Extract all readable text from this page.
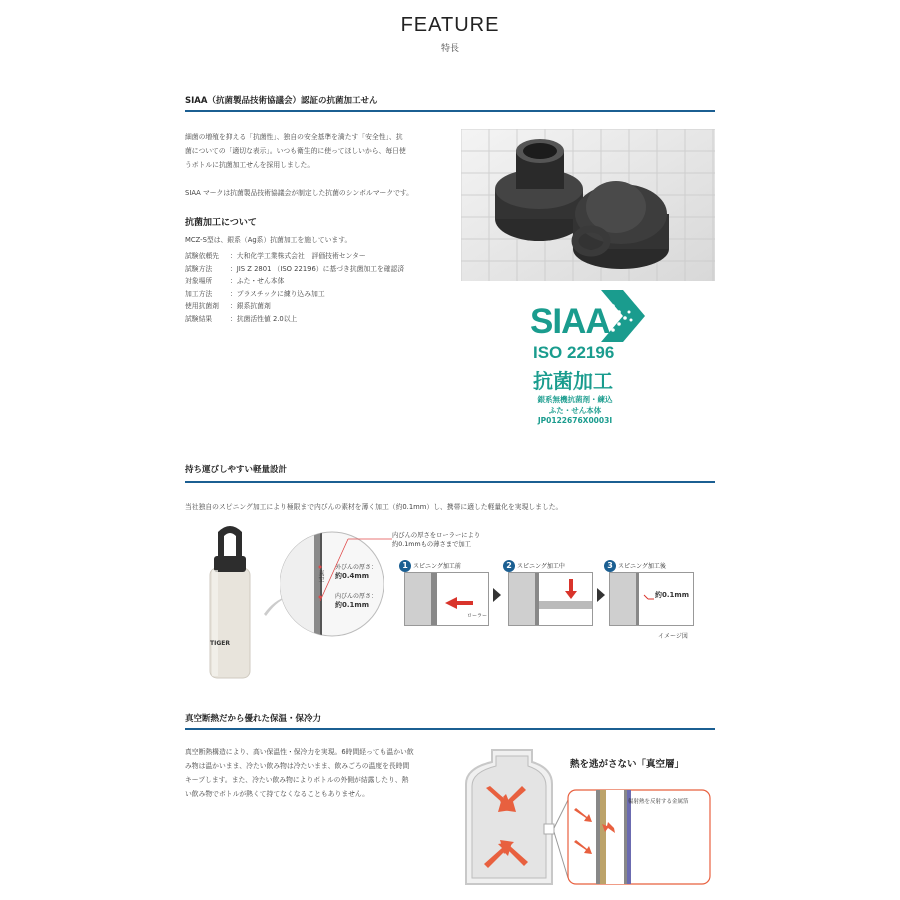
FEATURE
特長
SIAA（抗菌製品技術協議会）認証の抗菌加工せん
細菌の増殖を抑える「抗菌性」、独自の安全基準を満たす「安全性」、抗
菌についての「適切な表示」。いつも衛生的に使ってほしいから、毎日使
うボトルに抗菌加工せんを採用しました。
SIAA マークは抗菌製品技術協議会が制定した抗菌のシンボルマークです。
抗菌加工について
MCZ-S型は、銀系（Ag系）抗菌加工を施しています。
試験依頼先 ：大和化学工業株式会社　評価技術センター
試験方法	：JIS Z 2801 （ISO 22196）に基づき抗菌加工を確認済
対象場所	：ふた・せん本体
加工方法	：プラスチックに練り込み加工
使用抗菌剤 ：銀系抗菌剤
試験結果	：抗菌活性値 2.0以上	SIAA
ISO 22196
抗菌加工
銀系無機抗菌剤・練込
ふた・せん本体
JP0122676X0003I
持ち運びしやすい軽量設計
当社独自のスピニング加工により極限まで内びんの素材を薄く加工（約0.1mm）し、携帯に適した軽量化を実現しました。
TIGER
真空
外びんの厚さ：
約0.4mm
内びんの厚さ：
約0.1mm
内びんの厚さをローラーにより
約0.1mmもの薄さまで加工
1 スピニング加工前
ローラー
2 スピニング加工中	3 スピニング加工後
約0.1mm
イメージ図
真空断熱だから優れた保温・保冷力
真空断熱構造により、高い保温性・保冷力を実現。6時間経っても温かい飲
み物は温かいまま、冷たい飲み物は冷たいまま、飲みごろの温度を長時間
キープします。また、冷たい飲み物によりボトルの外側が結露したり、熱
い飲み物でボトルが熱くて持てなくなることもありません。
熱を逃がさない「真空層」
輻射熱を反射する金属箔
